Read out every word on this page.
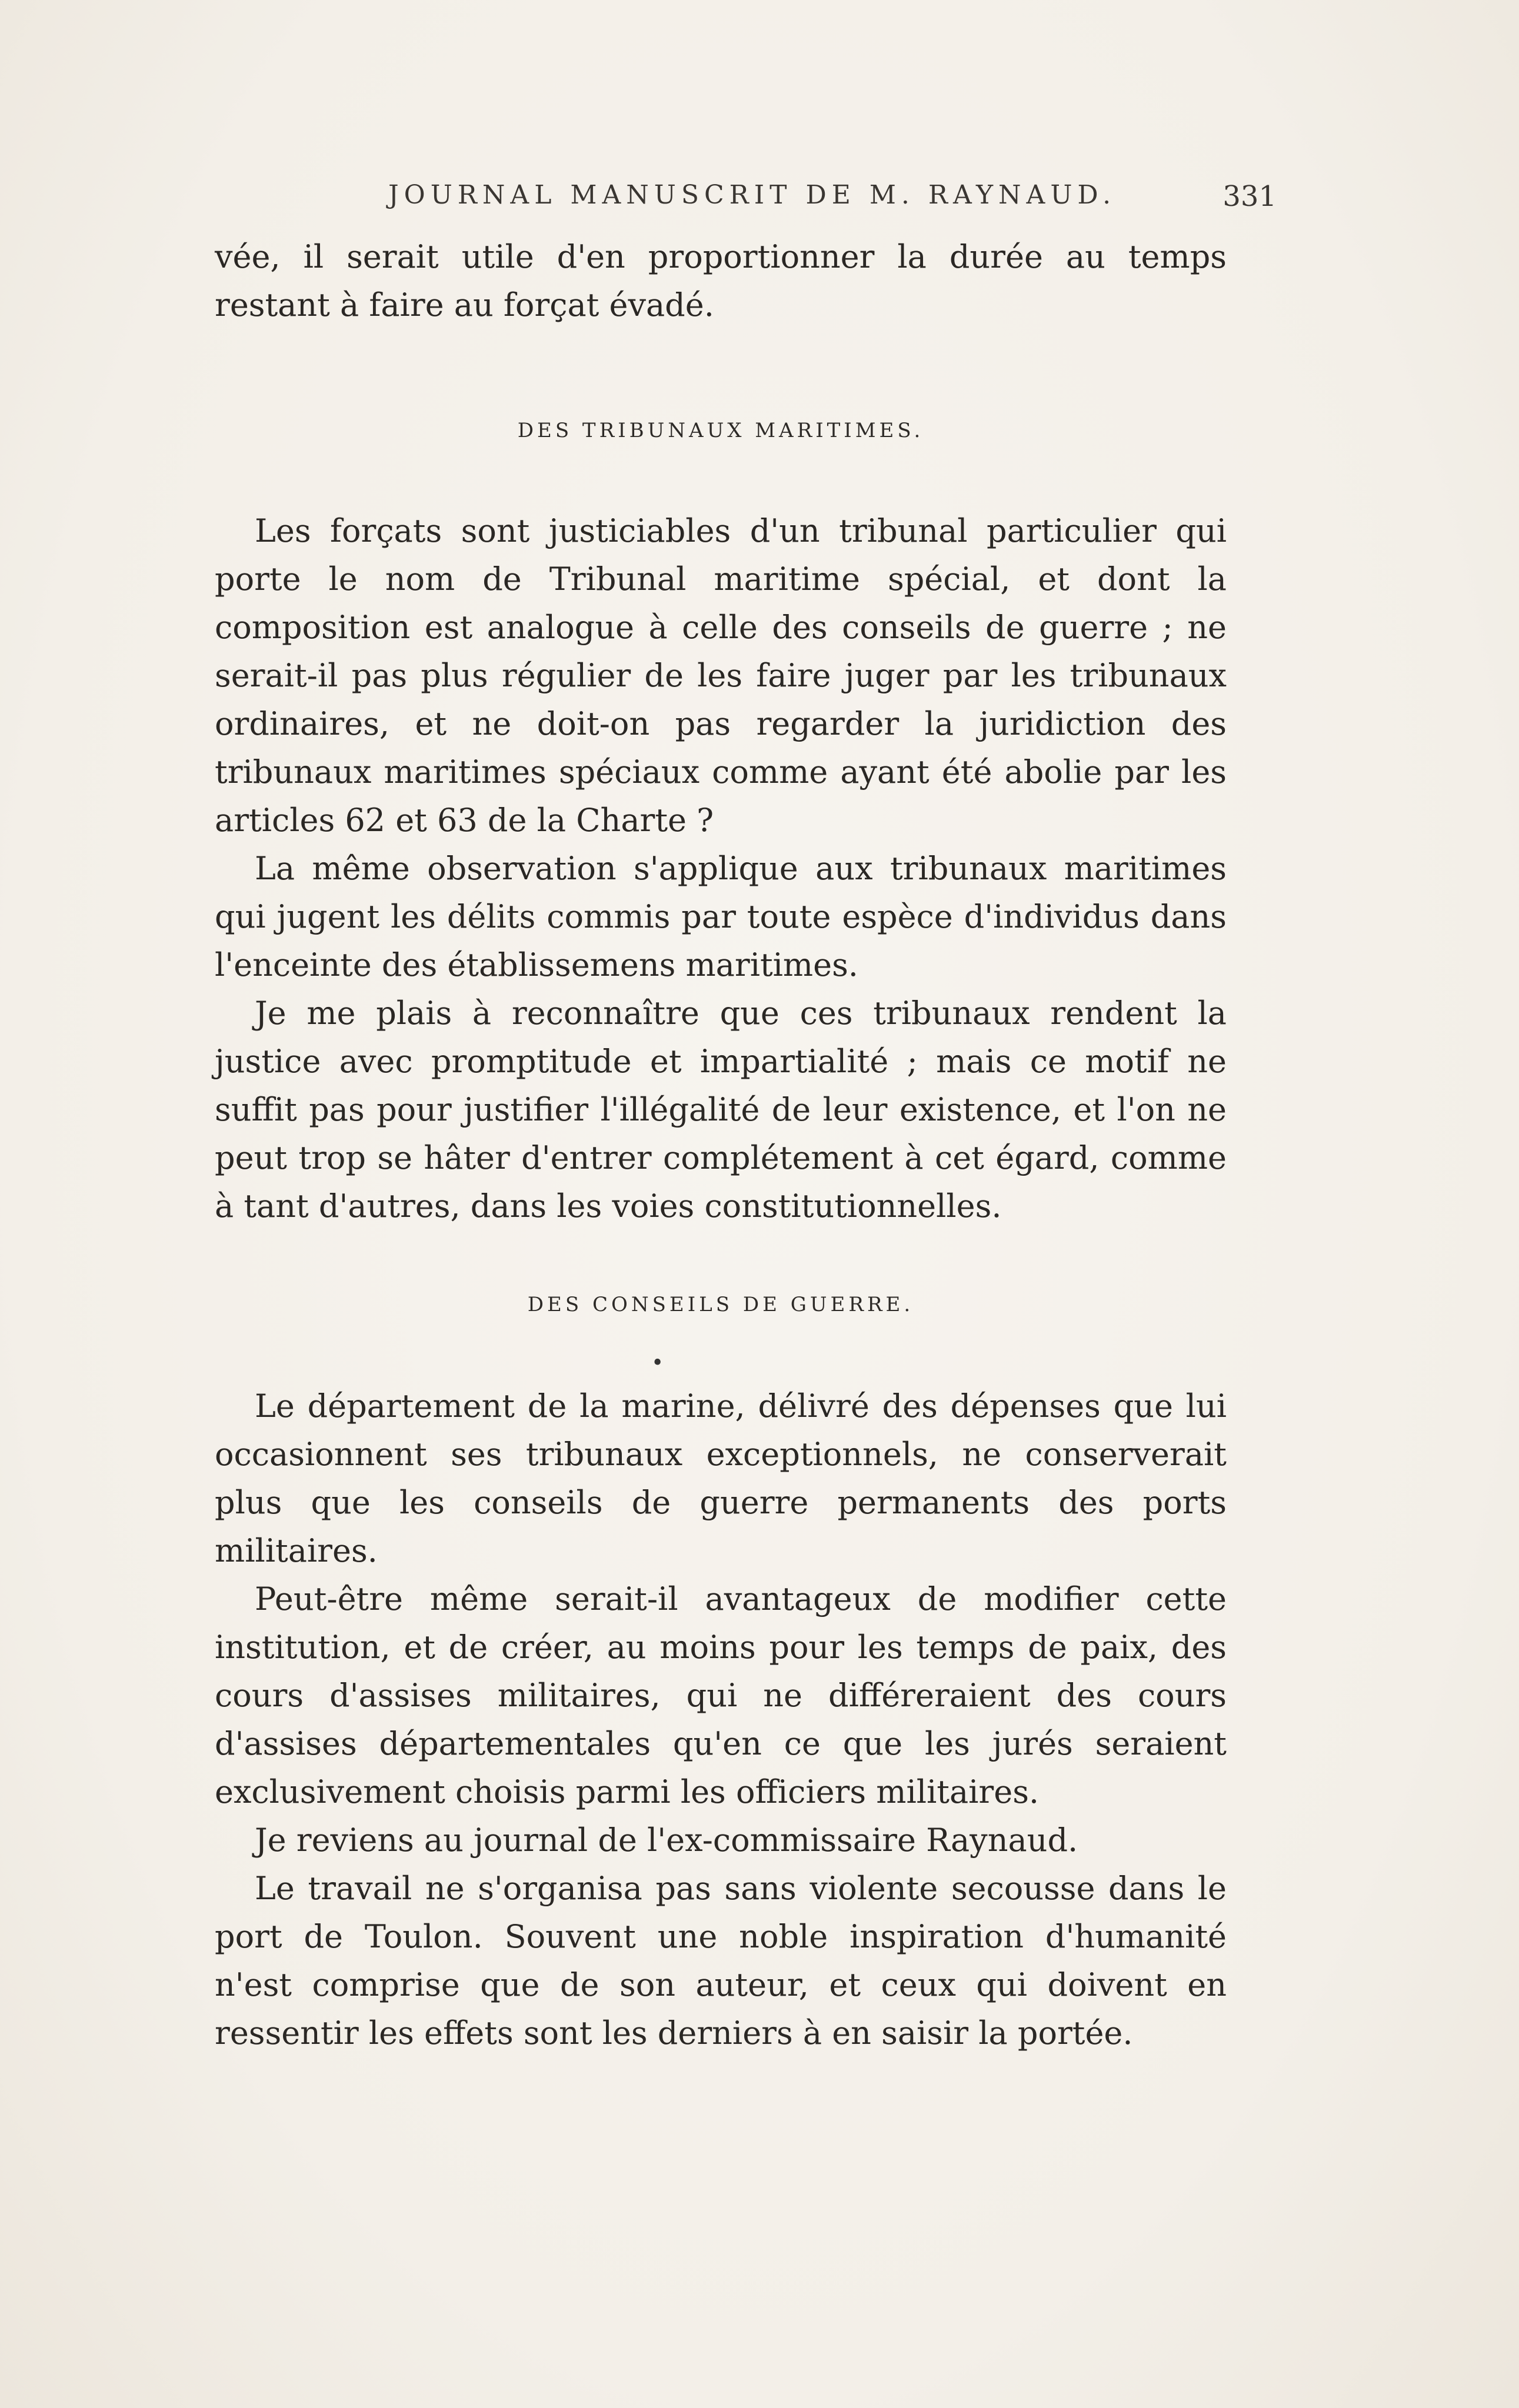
JOURNAL MANUSCRIT DE M. RAYNAUD.	331

vée, il serait utile d'en proportionner la durée au temps restant à faire au forçat évadé.

DES TRIBUNAUX MARITIMES.

Les forçats sont justiciables d'un tribunal particulier qui porte le nom de Tribunal maritime spécial, et dont la composition est analogue à celle des conseils de guerre ; ne serait-il pas plus régulier de les faire juger par les tribunaux ordinaires, et ne doit-on pas regarder la juridiction des tribunaux maritimes spéciaux comme ayant été abolie par les articles 62 et 63 de la Charte ?

La même observation s'applique aux tribunaux maritimes qui jugent les délits commis par toute espèce d'individus dans l'enceinte des établissemens maritimes.

Je me plais à reconnaître que ces tribunaux rendent la justice avec promptitude et impartialité ; mais ce motif ne suffit pas pour justifier l'illégalité de leur existence, et l'on ne peut trop se hâter d'entrer complétement à cet égard, comme à tant d'autres, dans les voies constitutionnelles.

DES CONSEILS DE GUERRE.
•

Le département de la marine, délivré des dépenses que lui occasionnent ses tribunaux exceptionnels, ne conserverait plus que les conseils de guerre permanents des ports militaires.

Peut-être même serait-il avantageux de modifier cette institution, et de créer, au moins pour les temps de paix, des cours d'assises militaires, qui ne différeraient des cours d'assises départementales qu'en ce que les jurés seraient exclusivement choisis parmi les officiers militaires.

Je reviens au journal de l'ex-commissaire Raynaud.

Le travail ne s'organisa pas sans violente secousse dans le port de Toulon. Souvent une noble inspiration d'humanité n'est comprise que de son auteur, et ceux qui doivent en ressentir les effets sont les derniers à en saisir la portée.
